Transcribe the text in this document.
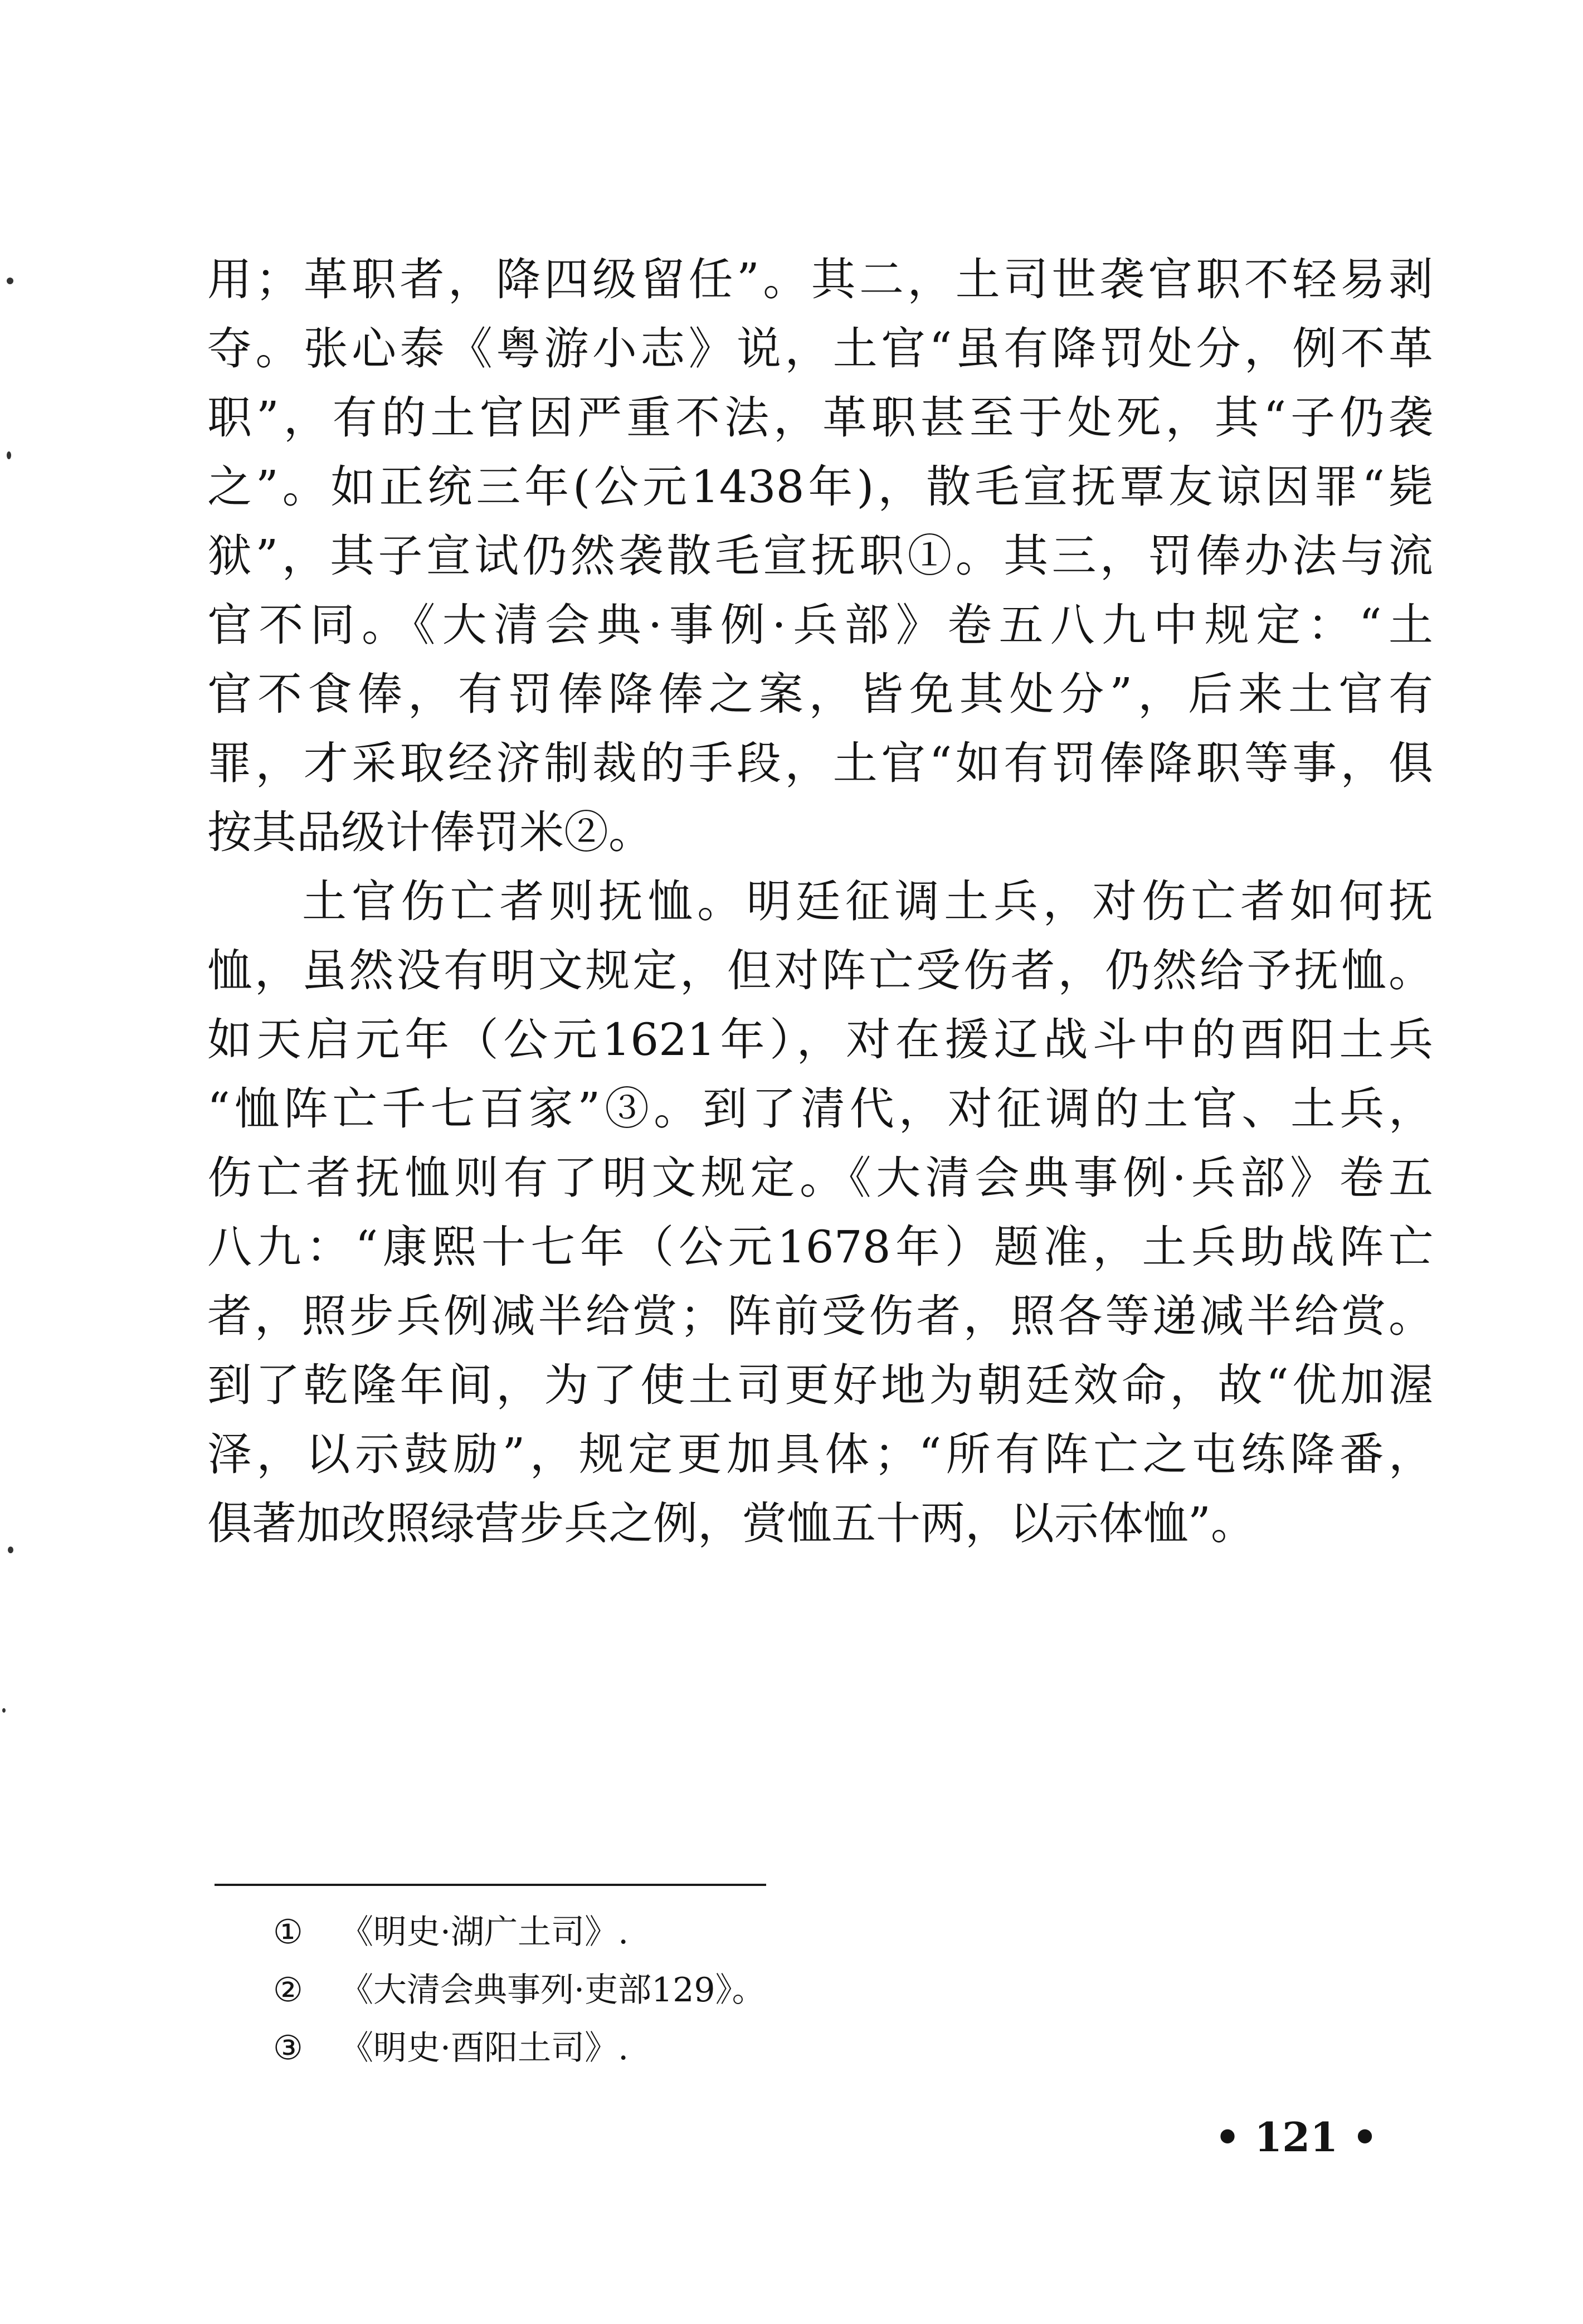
用；革职者，降四级留任”。其二，土司世袭官职不轻易剥
夺。张心泰《粤游小志》说，土官“虽有降罚处分，例不革
职”，有的土官因严重不法，革职甚至于处死，其“子仍袭
之”。如正统三年(公元1438年)，散毛宣抚覃友谅因罪“毙
狱”，其子宣试仍然袭散毛宣抚职①。其三，罚俸办法与流
官不同。《大清会典·事例·兵部》卷五八九中规定：“土
官不食俸，有罚俸降俸之案，皆免其处分”，后来土官有
罪，才采取经济制裁的手段，土官“如有罚俸降职等事，俱
按其品级计俸罚米②。
土官伤亡者则抚恤。明廷征调土兵，对伤亡者如何抚
恤，虽然没有明文规定，但对阵亡受伤者，仍然给予抚恤。
如天启元年（公元1621年），对在援辽战斗中的酉阳土兵
“恤阵亡千七百家”③。到了清代，对征调的土官、土兵，
伤亡者抚恤则有了明文规定。《大清会典事例·兵部》卷五
八九：“康熙十七年（公元1678年）题准，土兵助战阵亡
者，照步兵例减半给赏；阵前受伤者，照各等递减半给赏。
到了乾隆年间，为了使土司更好地为朝廷效命，故“优加渥
泽，以示鼓励”，规定更加具体；“所有阵亡之屯练降番，
俱著加改照绿营步兵之例，赏恤五十两，以示体恤”。
① 《明史·湖广土司》.
② 《大清会典事列·吏部129》。
③ 《明史·酉阳土司》.
• 121 •
